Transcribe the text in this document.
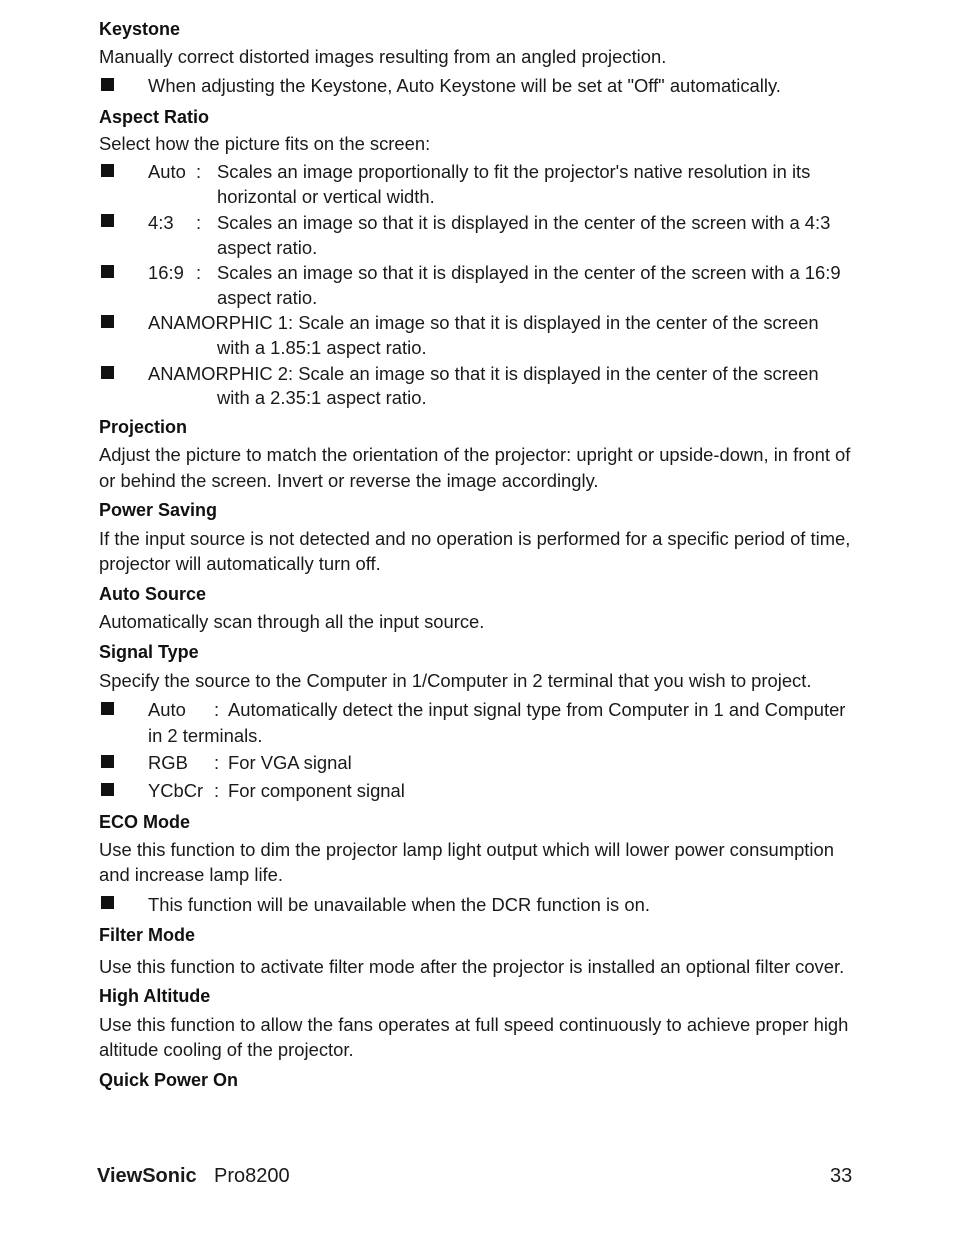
Keystone
Manually correct distorted images resulting from an angled projection.
When adjusting the Keystone, Auto Keystone will be set at "Off" automatically.
Aspect Ratio
Select how the picture fits on the screen:
Auto : Scales an image proportionally to fit the projector's native resolution in its
horizontal or vertical width.
4:3 : Scales an image so that it is displayed in the center of the screen with a 4:3
aspect ratio.
16:9 : Scales an image so that it is displayed in the center of the screen with a 16:9
aspect ratio.
ANAMORPHIC 1: Scale an image so that it is displayed in the center of the screen
with a 1.85:1 aspect ratio.
ANAMORPHIC 2: Scale an image so that it is displayed in the center of the screen
with a 2.35:1 aspect ratio.
Projection
Adjust the picture to match the orientation of the projector: upright or upside-down, in front of
or behind the screen. Invert or reverse the image accordingly.
Power Saving
If the input source is not detected and no operation is performed for a specific period of time,
projector will automatically turn off.
Auto Source
Automatically scan through all the input source.
Signal Type
Specify the source to the Computer in 1/Computer in 2 terminal that you wish to project.
Auto : Automatically detect the input signal type from Computer in 1 and Computer
in 2 terminals.
RGB : For VGA signal
YCbCr : For component signal
ECO Mode
Use this function to dim the projector lamp light output which will lower power consumption
and increase lamp life.
This function will be unavailable when the DCR function is on.
Filter Mode
Use this function to activate filter mode after the projector is installed an optional filter cover.
High Altitude
Use this function to allow the fans operates at full speed continuously to achieve proper high
altitude cooling of the projector.
Quick Power On
ViewSonic Pro8200	33
